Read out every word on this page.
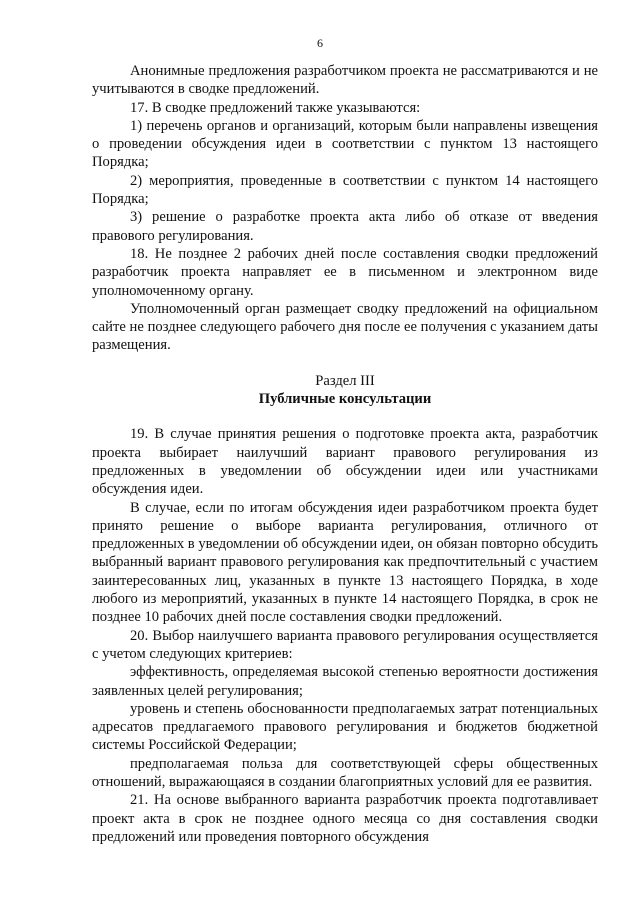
6

Анонимные предложения разработчиком проекта не рассматриваются и не учитываются в сводке предложений.

17. В сводке предложений также указываются:

1) перечень органов и организаций, которым были направлены извещения о проведении обсуждения идеи в соответствии с пунктом 13 настоящего Порядка;

2) мероприятия, проведенные в соответствии с пунктом 14 настоящего Порядка;

3) решение о разработке проекта акта либо об отказе от введения правового регулирования.

18. Не позднее 2 рабочих дней после составления сводки предложений разработчик проекта направляет ее в письменном и электронном виде уполномоченному органу.

Уполномоченный орган размещает сводку предложений на официальном сайте не позднее следующего рабочего дня после ее получения с указанием даты размещения.

Раздел III
Публичные консультации

19. В случае принятия решения о подготовке проекта акта, разработчик проекта выбирает наилучший вариант правового регулирования из предложенных в уведомлении об обсуждении идеи или участниками обсуждения идеи.

В случае, если по итогам обсуждения идеи разработчиком проекта будет принято решение о выборе варианта регулирования, отличного от предложенных в уведомлении об обсуждении идеи, он обязан повторно обсудить выбранный вариант правового регулирования как предпочтительный с участием заинтересованных лиц, указанных в пункте 13 настоящего Порядка, в ходе любого из мероприятий, указанных в пункте 14 настоящего Порядка, в срок не позднее 10 рабочих дней после составления сводки предложений.

20. Выбор наилучшего варианта правового регулирования осуществляется с учетом следующих критериев:

эффективность, определяемая высокой степенью вероятности достижения заявленных целей регулирования;

уровень и степень обоснованности предполагаемых затрат потенциальных адресатов предлагаемого правового регулирования и бюджетов бюджетной системы Российской Федерации;

предполагаемая польза для соответствующей сферы общественных отношений, выражающаяся в создании благоприятных условий для ее развития.

21. На основе выбранного варианта разработчик проекта подготавливает проект акта в срок не позднее одного месяца со дня составления сводки предложений или проведения повторного обсуждения
